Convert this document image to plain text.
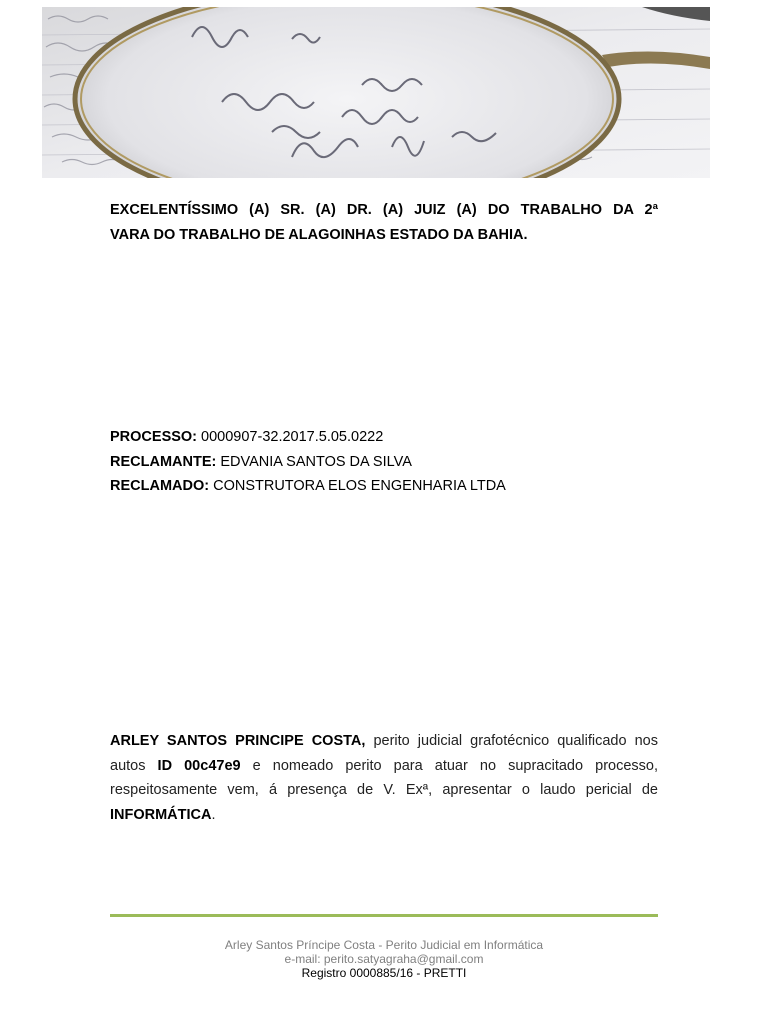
EXCELENTÍSSIMO (A) SR. (A) DR. (A) JUIZ (A) DO TRABALHO DA 2ª
VARA DO TRABALHO DE ALAGOINHAS ESTADO DA BAHIA.
PROCESSO: 0000907-32.2017.5.05.0222
RECLAMANTE: EDVANIA SANTOS DA SILVA
RECLAMADO: CONSTRUTORA ELOS ENGENHARIA LTDA
ARLEY SANTOS PRINCIPE COSTA, perito judicial grafotécnico qualificado nos autos ID 00c47e9 e nomeado perito para atuar no supracitado processo, respeitosamente vem, á presença de V. Exª, apresentar o laudo pericial de INFORMÁTICA.
Arley Santos Príncipe Costa - Perito Judicial em Informática
e-mail: perito.satyagraha@gmail.com
Registro 0000885/16 - PRETTI
